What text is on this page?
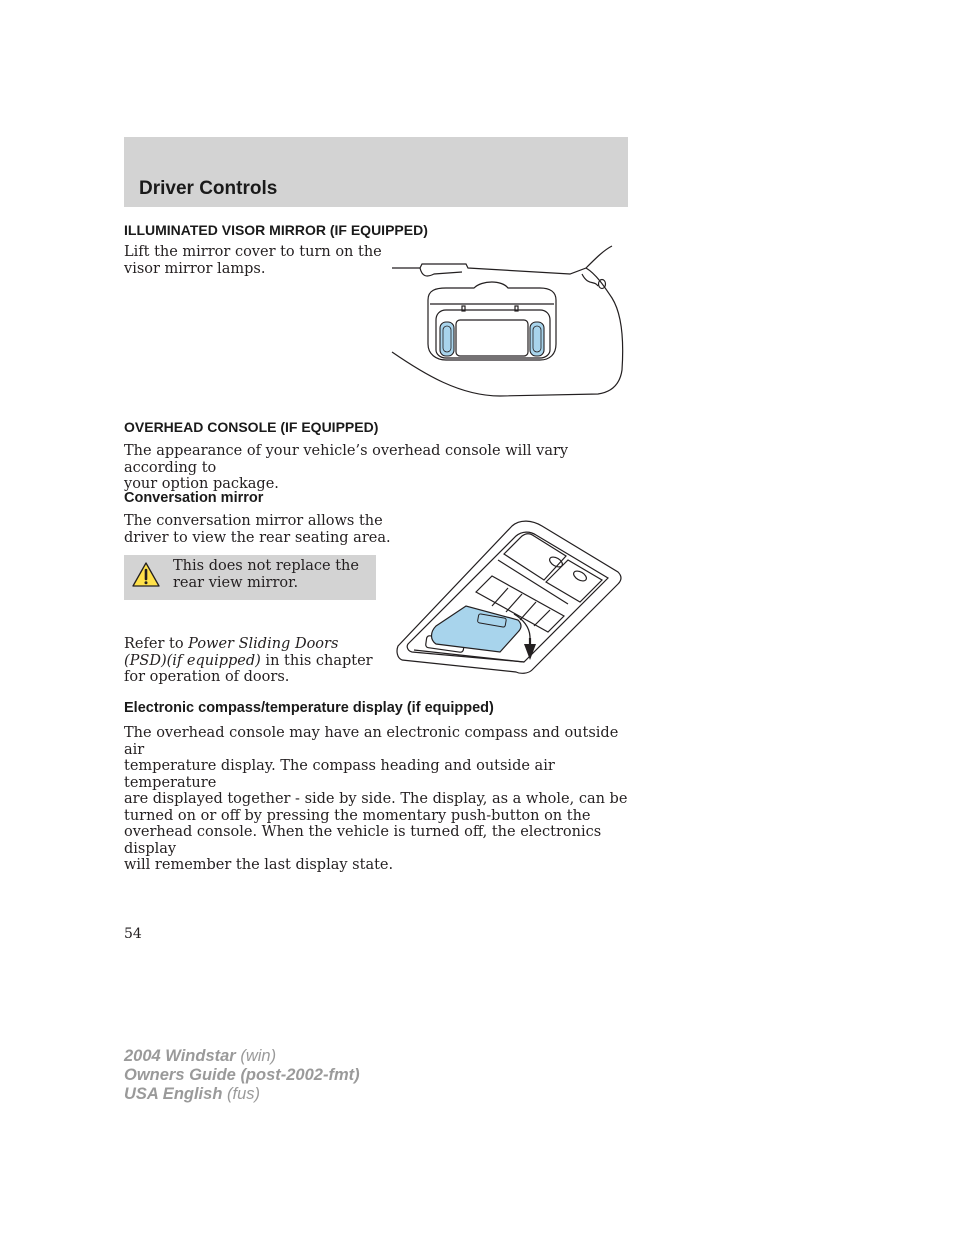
Driver Controls
ILLUMINATED VISOR MIRROR (IF EQUIPPED)
Lift the mirror cover to turn on the
visor mirror lamps.
OVERHEAD CONSOLE (IF EQUIPPED)
The appearance of your vehicle’s overhead console will vary according to
your option package.
Conversation mirror
The conversation mirror allows the
driver to view the rear seating area.
This does not replace the
rear view mirror.
Refer to Power Sliding Doors
(PSD)(if equipped) in this chapter
for operation of doors.
Electronic compass/temperature display (if equipped)
The overhead console may have an electronic compass and outside air
temperature display. The compass heading and outside air temperature
are displayed together - side by side. The display, as a whole, can be
turned on or off by pressing the momentary push-button on the
overhead console. When the vehicle is turned off, the electronics display
will remember the last display state.
54
2004 Windstar (win)
Owners Guide (post-2002-fmt)
USA English (fus)
